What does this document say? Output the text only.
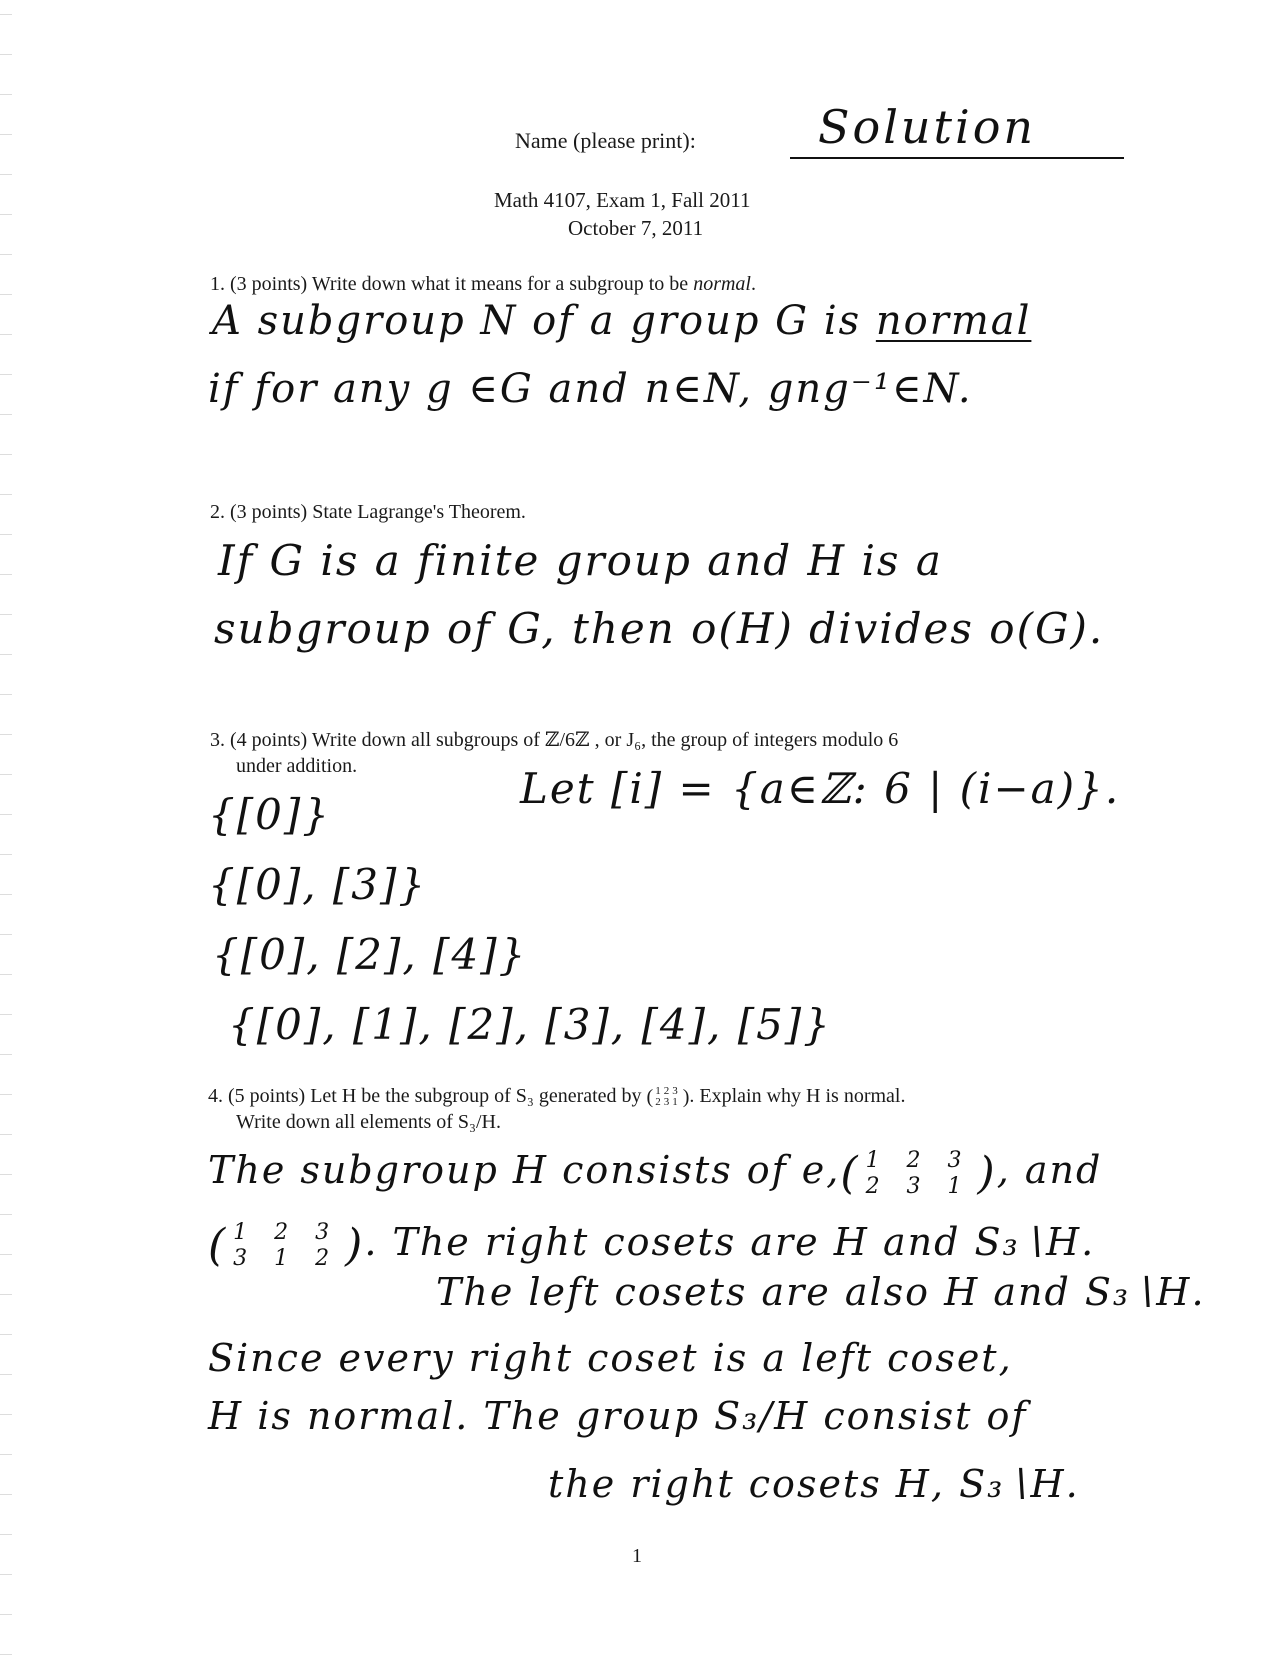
Name (please print):	Solution
Math 4107, Exam 1, Fall 2011
October 7, 2011
1. (3 points) Write down what it means for a subgroup to be normal.
A subgroup N of a group G is normal
if for any g ∈G and n∈N, gng⁻¹∈N.
2. (3 points) State Lagrange's Theorem.
If G is a finite group and H is a
subgroup of G, then o(H) divides o(G).
3. (4 points) Write down all subgroups of ℤ/6ℤ , or J₆, the group of integers modulo 6
under addition.	Let [i] = {a∈ℤ: 6 | (i−a)}.
{[0]}
{[0], [3]}
{[0], [2], [4]}
{[0], [1], [2], [3], [4], [5]}
4. (5 points) Let H be the subgroup of S₃ generated by ( 123
231 ). Explain why H is normal.
Write down all elements of S₃/H.
The subgroup H consists of e,( 1 2 3
2 3 1 ), and
( 1 2 3
3 1 2 ). The right cosets are H and S₃∖H.
The left cosets are also H and S₃∖H.
Since every right coset is a left coset,
H is normal. The group S₃/H consist of
the right cosets H, S₃∖H.
1
